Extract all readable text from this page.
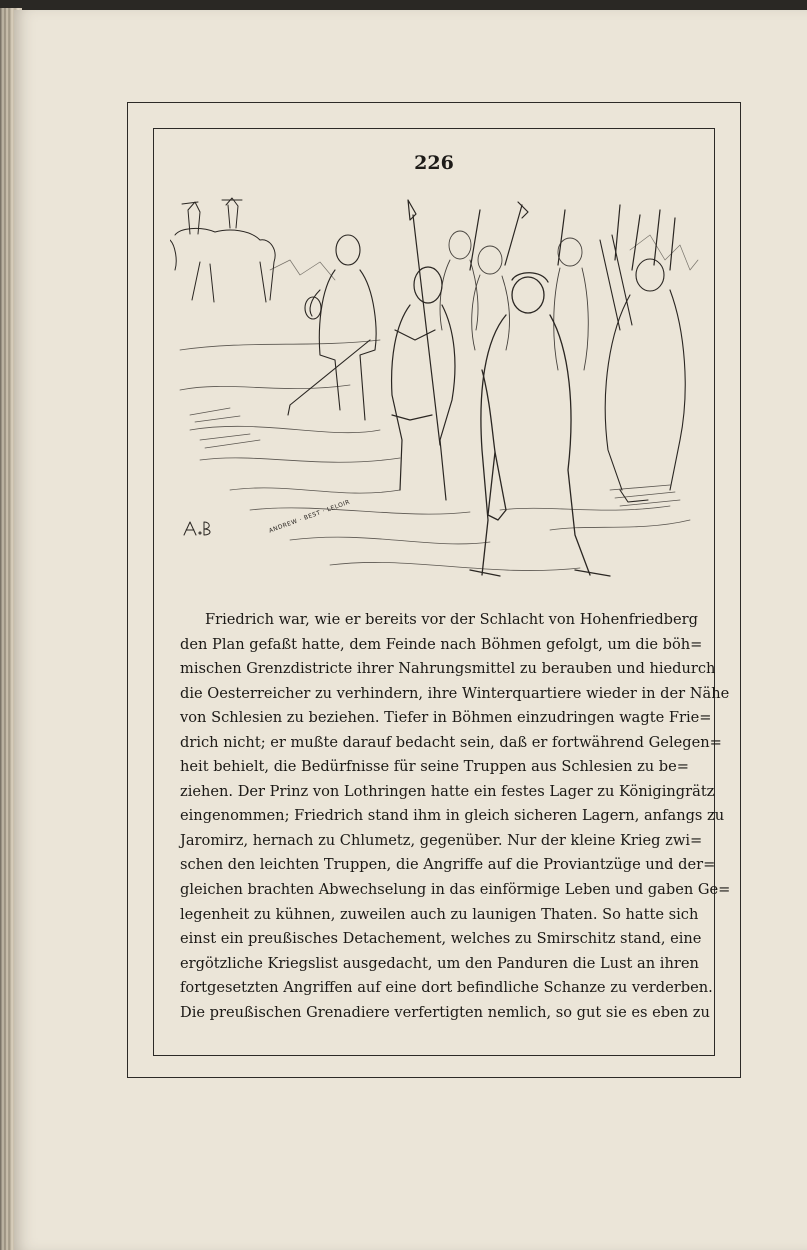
226
ANDREW · BEST · LELOIR
Friedrich war, wie er bereits vor der Schlacht von Hohenfriedberg
den Plan gefaßt hatte, dem Feinde nach Böhmen gefolgt, um die böh=
mischen Grenzdistricte ihrer Nahrungsmittel zu berauben und hiedurch
die Oesterreicher zu verhindern, ihre Winterquartiere wieder in der Nähe
von Schlesien zu beziehen. Tiefer in Böhmen einzudringen wagte Frie=
drich nicht; er mußte darauf bedacht sein, daß er fortwährend Gelegen=
heit behielt, die Bedürfnisse für seine Truppen aus Schlesien zu be=
ziehen. Der Prinz von Lothringen hatte ein festes Lager zu Königingrätz
eingenommen; Friedrich stand ihm in gleich sicheren Lagern, anfangs zu
Jaromirz, hernach zu Chlumetz, gegenüber. Nur der kleine Krieg zwi=
schen den leichten Truppen, die Angriffe auf die Proviantzüge und der=
gleichen brachten Abwechselung in das einförmige Leben und gaben Ge=
legenheit zu kühnen, zuweilen auch zu launigen Thaten. So hatte sich
einst ein preußisches Detachement, welches zu Smirschitz stand, eine
ergötzliche Kriegslist ausgedacht, um den Panduren die Lust an ihren
fortgesetzten Angriffen auf eine dort befindliche Schanze zu verderben.
Die preußischen Grenadiere verfertigten nemlich, so gut sie es eben zu
